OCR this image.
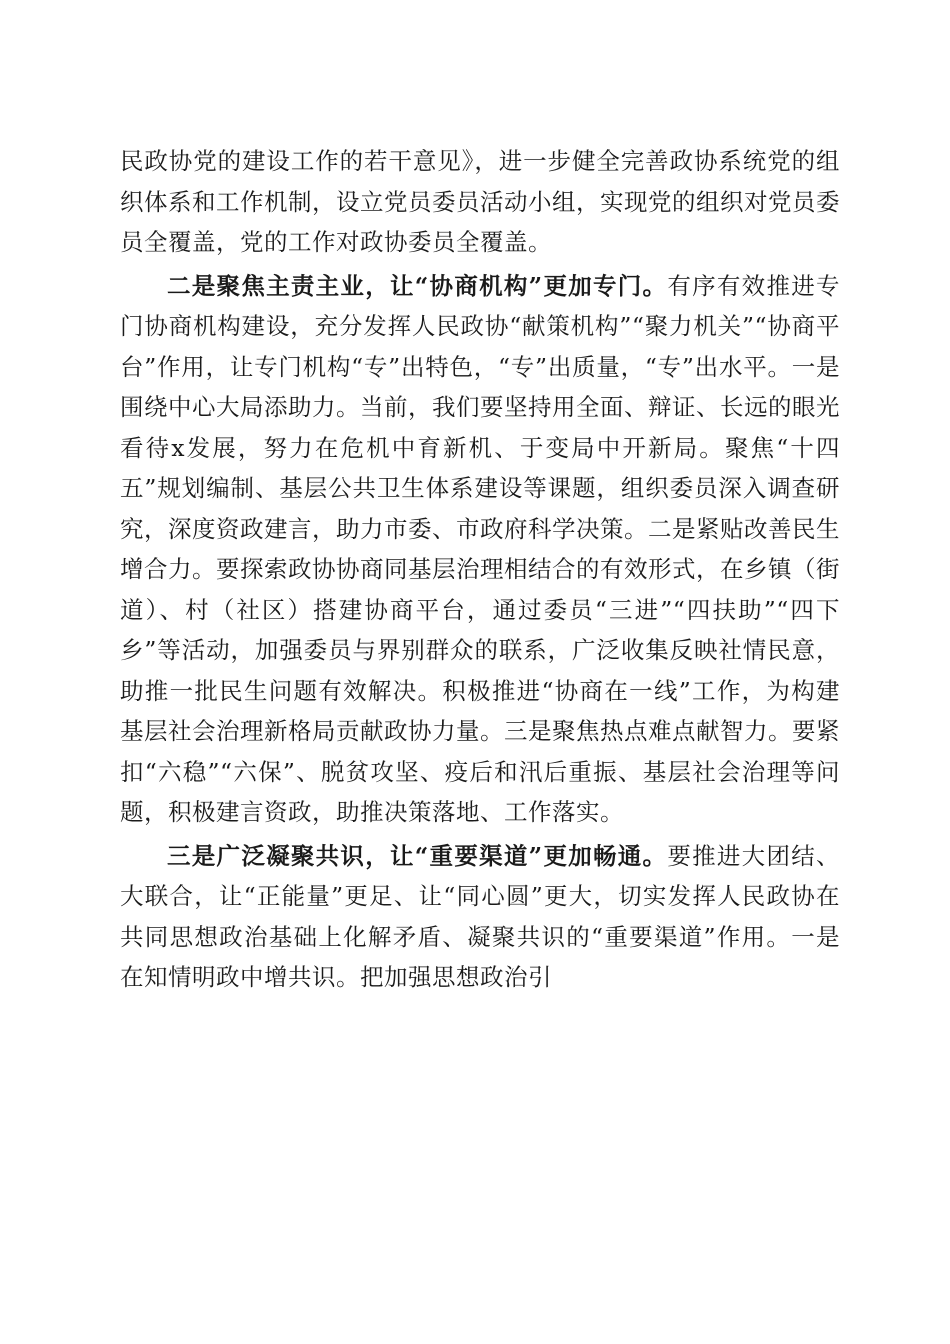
民政协党的建设工作的若干意见》，进一步健全完善政协系统党的组织体系和工作机制，设立党员委员活动小组，实现党的组织对党员委员全覆盖，党的工作对政协委员全覆盖。

二是聚焦主责主业，让“协商机构”更加专门。有序有效推进专门协商机构建设，充分发挥人民政协“献策机构”“聚力机关”“协商平台”作用，让专门机构“专”出特色，“专”出质量，“专”出水平。一是围绕中心大局添助力。当前，我们要坚持用全面、辩证、长远的眼光看待x发展，努力在危机中育新机、于变局中开新局。聚焦“十四五”规划编制、基层公共卫生体系建设等课题，组织委员深入调查研究，深度资政建言，助力市委、市政府科学决策。二是紧贴改善民生增合力。要探索政协协商同基层治理相结合的有效形式，在乡镇（街道）、村（社区）搭建协商平台，通过委员“三进”“四扶助”“四下乡”等活动，加强委员与界别群众的联系，广泛收集反映社情民意，助推一批民生问题有效解决。积极推进“协商在一线”工作，为构建基层社会治理新格局贡献政协力量。三是聚焦热点难点献智力。要紧扣“六稳”“六保”、脱贫攻坚、疫后和汛后重振、基层社会治理等问题，积极建言资政，助推决策落地、工作落实。

三是广泛凝聚共识，让“重要渠道”更加畅通。要推进大团结、大联合，让“正能量”更足、让“同心圆”更大，切实发挥人民政协在共同思想政治基础上化解矛盾、凝聚共识的“重要渠道”作用。一是在知情明政中增共识。把加强思想政治引
